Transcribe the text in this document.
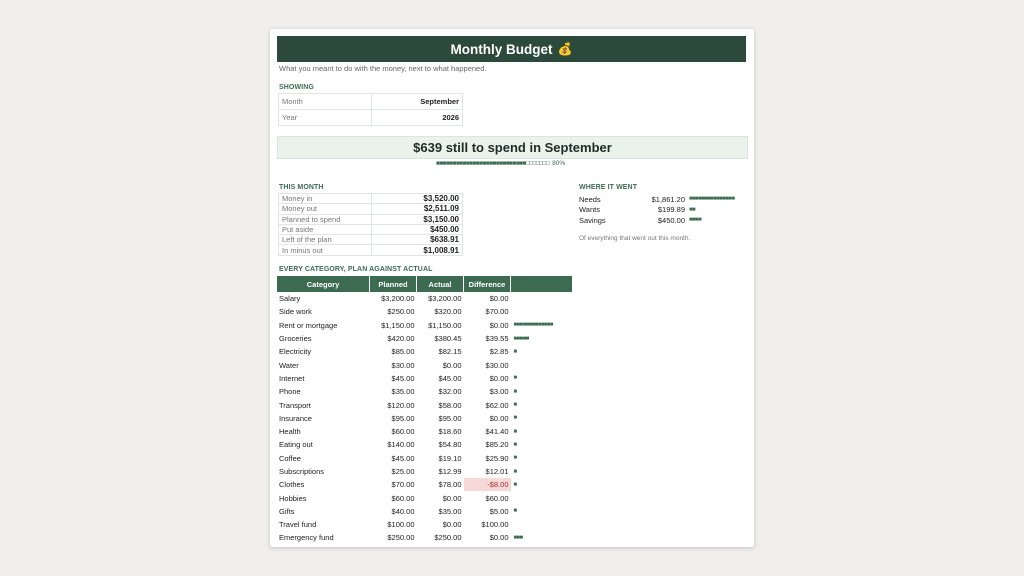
Monthly Budget 💰
What you meant to do with the money, next to what happened.
SHOWING
Month	September
Year	2026
$639 still to spend in September
■■■■■■■■■■■■■■■■■■■■■■■■■■■□□□□□□□ 80%
THIS MONTH
Money in	$3,520.00
Money out	$2,511.09
Planned to spend	$3,150.00
Put aside	$450.00
Left of the plan	$638.91
In minus out	$1,008.91
WHERE IT WENT
Needs	$1,861.20 ■■■■■■■■■■■■■■■
Wants	$199.89 ■■
Savings	$450.00 ■■■■
Of everything that went out this month.
EVERY CATEGORY, PLAN AGAINST ACTUAL
Category	Planned	Actual	Difference	
Salary	$3,200.00	$3,200.00	$0.00	
Side work	$250.00	$320.00	$70.00	
Rent or mortgage	$1,150.00	$1,150.00	$0.00	■■■■■■■■■■■■■
Groceries	$420.00	$380.45	$39.55	■■■■■
Electricity	$85.00	$82.15	$2.85	■
Water	$30.00	$0.00	$30.00	
Internet	$45.00	$45.00	$0.00	■
Phone	$35.00	$32.00	$3.00	■
Transport	$120.00	$58.00	$62.00	■
Insurance	$95.00	$95.00	$0.00	■
Health	$60.00	$18.60	$41.40	■
Eating out	$140.00	$54.80	$85.20	■
Coffee	$45.00	$19.10	$25.90	■
Subscriptions	$25.00	$12.99	$12.01	■
Clothes	$70.00	$78.00	-$8.00	■
Hobbies	$60.00	$0.00	$60.00	
Gifts	$40.00	$35.00	$5.00	■
Travel fund	$100.00	$0.00	$100.00	
Emergency fund	$250.00	$250.00	$0.00	■■■
